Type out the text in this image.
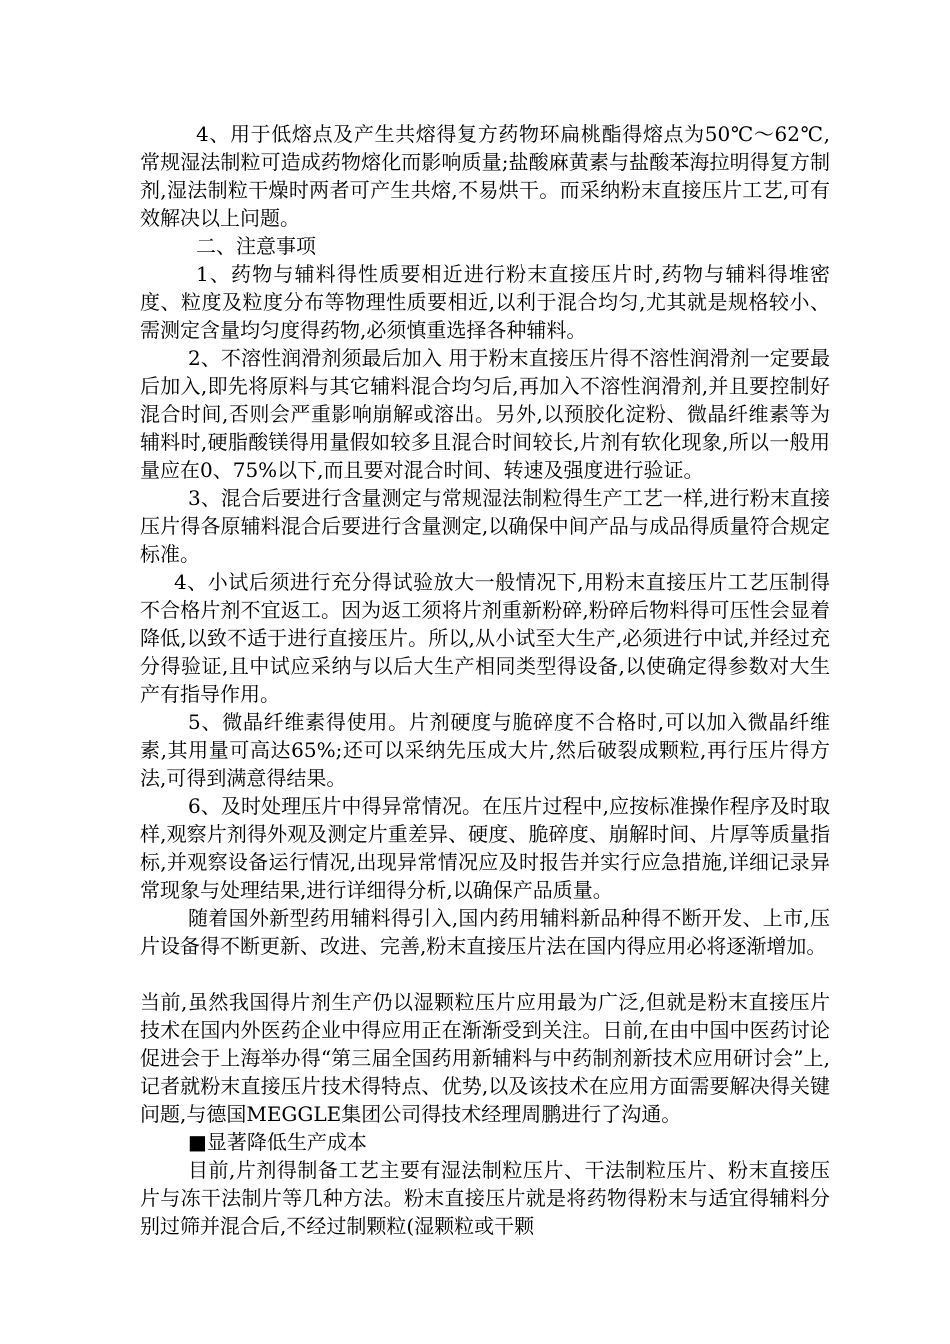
4、用于低熔点及产生共熔得复方药物环扁桃酯得熔点为50℃～62℃,常规湿法制粒可造成药物熔化而影响质量;盐酸麻黄素与盐酸苯海拉明得复方制剂,湿法制粒干燥时两者可产生共熔,不易烘干。而采纳粉末直接压片工艺,可有效解决以上问题。

二、注意事项

1、药物与辅料得性质要相近进行粉末直接压片时,药物与辅料得堆密度、粒度及粒度分布等物理性质要相近,以利于混合均匀,尤其就是规格较小、需测定含量均匀度得药物,必须慎重选择各种辅料。

2、不溶性润滑剂须最后加入 用于粉末直接压片得不溶性润滑剂一定要最后加入,即先将原料与其它辅料混合均匀后,再加入不溶性润滑剂,并且要控制好混合时间,否则会严重影响崩解或溶出。另外,以预胶化淀粉、微晶纤维素等为辅料时,硬脂酸镁得用量假如较多且混合时间较长,片剂有软化现象,所以一般用量应在0、75%以下,而且要对混合时间、转速及强度进行验证。

3、混合后要进行含量测定与常规湿法制粒得生产工艺一样,进行粉末直接压片得各原辅料混合后要进行含量测定,以确保中间产品与成品得质量符合规定标准。

4、小试后须进行充分得试验放大一般情况下,用粉末直接压片工艺压制得不合格片剂不宜返工。因为返工须将片剂重新粉碎,粉碎后物料得可压性会显着降低,以致不适于进行直接压片。所以,从小试至大生产,必须进行中试,并经过充分得验证,且中试应采纳与以后大生产相同类型得设备,以使确定得参数对大生产有指导作用。

5、微晶纤维素得使用。片剂硬度与脆碎度不合格时,可以加入微晶纤维素,其用量可高达65%;还可以采纳先压成大片,然后破裂成颗粒,再行压片得方法,可得到满意得结果。

6、及时处理压片中得异常情况。在压片过程中,应按标准操作程序及时取样,观察片剂得外观及测定片重差异、硬度、脆碎度、崩解时间、片厚等质量指标,并观察设备运行情况,出现异常情况应及时报告并实行应急措施,详细记录异常现象与处理结果,进行详细得分析,以确保产品质量。

随着国外新型药用辅料得引入,国内药用辅料新品种得不断开发、上市,压片设备得不断更新、改进、完善,粉末直接压片法在国内得应用必将逐渐增加。

当前,虽然我国得片剂生产仍以湿颗粒压片应用最为广泛,但就是粉末直接压片技术在国内外医药企业中得应用正在渐渐受到关注。日前,在由中国中医药讨论促进会于上海举办得“第三届全国药用新辅料与中药制剂新技术应用研讨会”上,记者就粉末直接压片技术得特点、优势,以及该技术在应用方面需要解决得关键问题,与德国MEGGLE集团公司得技术经理周鹏进行了沟通。

■显著降低生产成本

目前,片剂得制备工艺主要有湿法制粒压片、干法制粒压片、粉末直接压片与冻干法制片等几种方法。粉末直接压片就是将药物得粉末与适宜得辅料分别过筛并混合后,不经过制颗粒(湿颗粒或干颗
